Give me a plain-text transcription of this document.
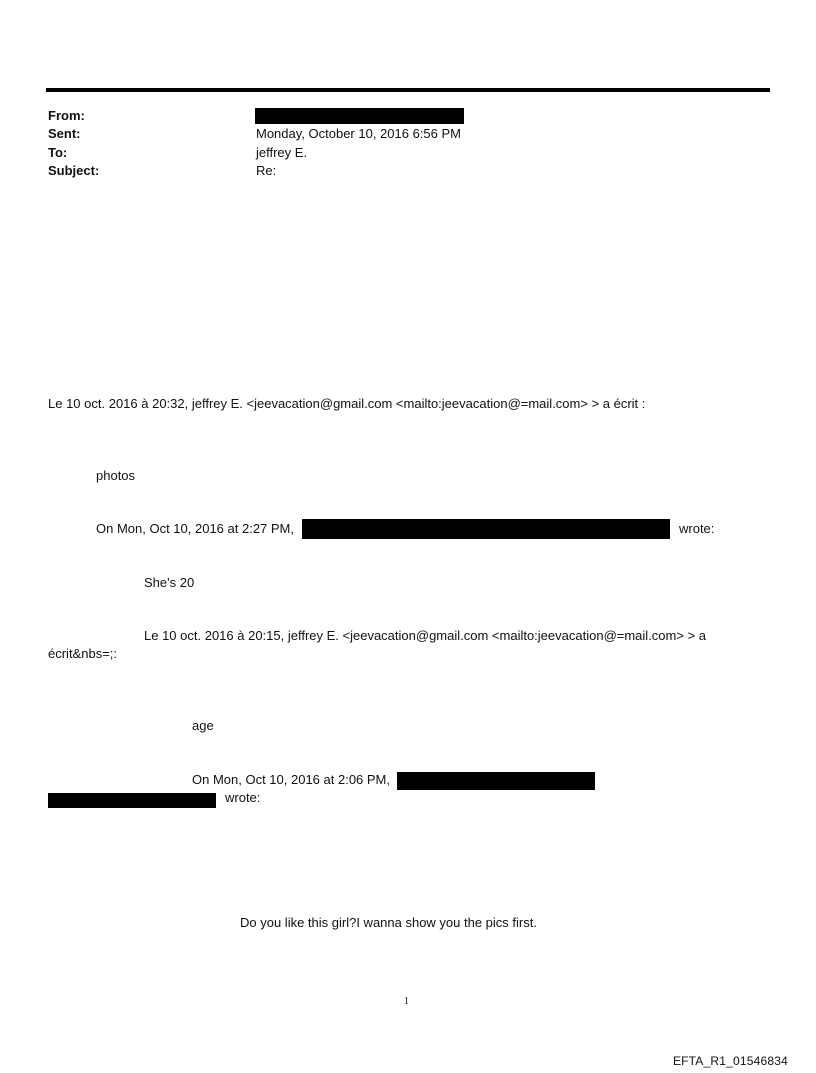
From:
Sent:	Monday, October 10, 2016 6:56 PM
To:	jeffrey E.
Subject:	Re:
Le 10 oct. 2016 à 20:32, jeffrey E. <jeevacation@gmail.com <mailto:jeevacation@=mail.com> > a écrit :
photos
On Mon, Oct 10, 2016 at 2:27 PM,	wrote:
She's 20
Le 10 oct. 2016 à 20:15, jeffrey E. <jeevacation@gmail.com <mailto:jeevacation@=mail.com> > a
écrit&nbs=;:
age
On Mon, Oct 10, 2016 at 2:06 PM,
wrote:
Do you like this girl?I wanna show you the pics first.
1
EFTA_R1_01546834
